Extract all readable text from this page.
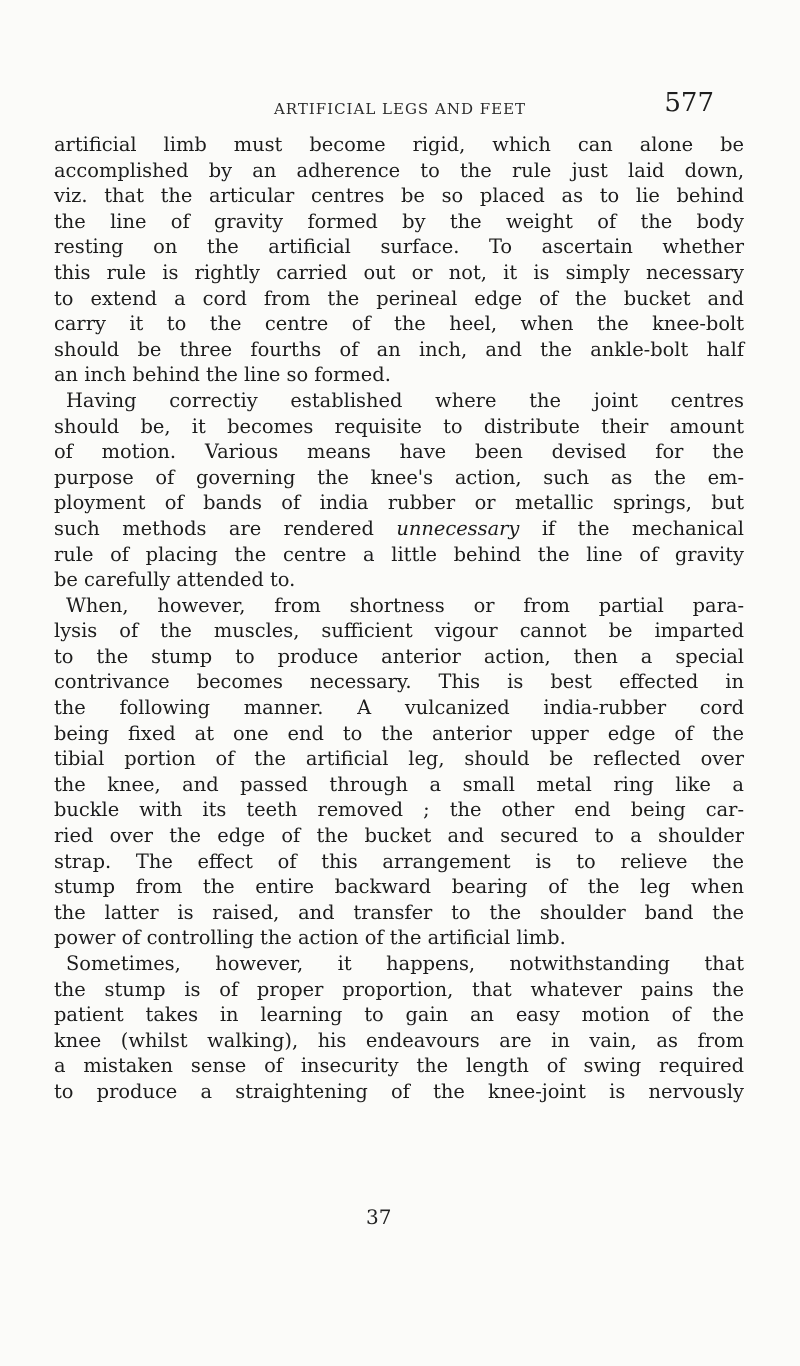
ARTIFICIAL LEGS AND FEET	577
artificial limb must become rigid, which can alone be
accomplished by an adherence to the rule just laid down,
viz. that the articular centres be so placed as to lie behind
the line of gravity formed by the weight of the body
resting on the artificial surface. To ascertain whether
this rule is rightly carried out or not, it is simply necessary
to extend a cord from the perineal edge of the bucket and
carry it to the centre of the heel, when the knee-bolt
should be three fourths of an inch, and the ankle-bolt half
an inch behind the line so formed.
Having correctiy established where the joint centres
should be, it becomes requisite to distribute their amount
of motion. Various means have been devised for the
purpose of governing the knee's action, such as the em-
ployment of bands of india rubber or metallic springs, but
such methods are rendered unnecessary if the mechanical
rule of placing the centre a little behind the line of gravity
be carefully attended to.
When, however, from shortness or from partial para-
lysis of the muscles, sufficient vigour cannot be imparted
to the stump to produce anterior action, then a special
contrivance becomes necessary. This is best effected in
the following manner. A vulcanized india-rubber cord
being fixed at one end to the anterior upper edge of the
tibial portion of the artificial leg, should be reflected over
the knee, and passed through a small metal ring like a
buckle with its teeth removed ; the other end being car-
ried over the edge of the bucket and secured to a shoulder
strap. The effect of this arrangement is to relieve the
stump from the entire backward bearing of the leg when
the latter is raised, and transfer to the shoulder band the
power of controlling the action of the artificial limb.
Sometimes, however, it happens, notwithstanding that
the stump is of proper proportion, that whatever pains the
patient takes in learning to gain an easy motion of the
knee (whilst walking), his endeavours are in vain, as from
a mistaken sense of insecurity the length of swing required
to produce a straightening of the knee-joint is nervously
37
